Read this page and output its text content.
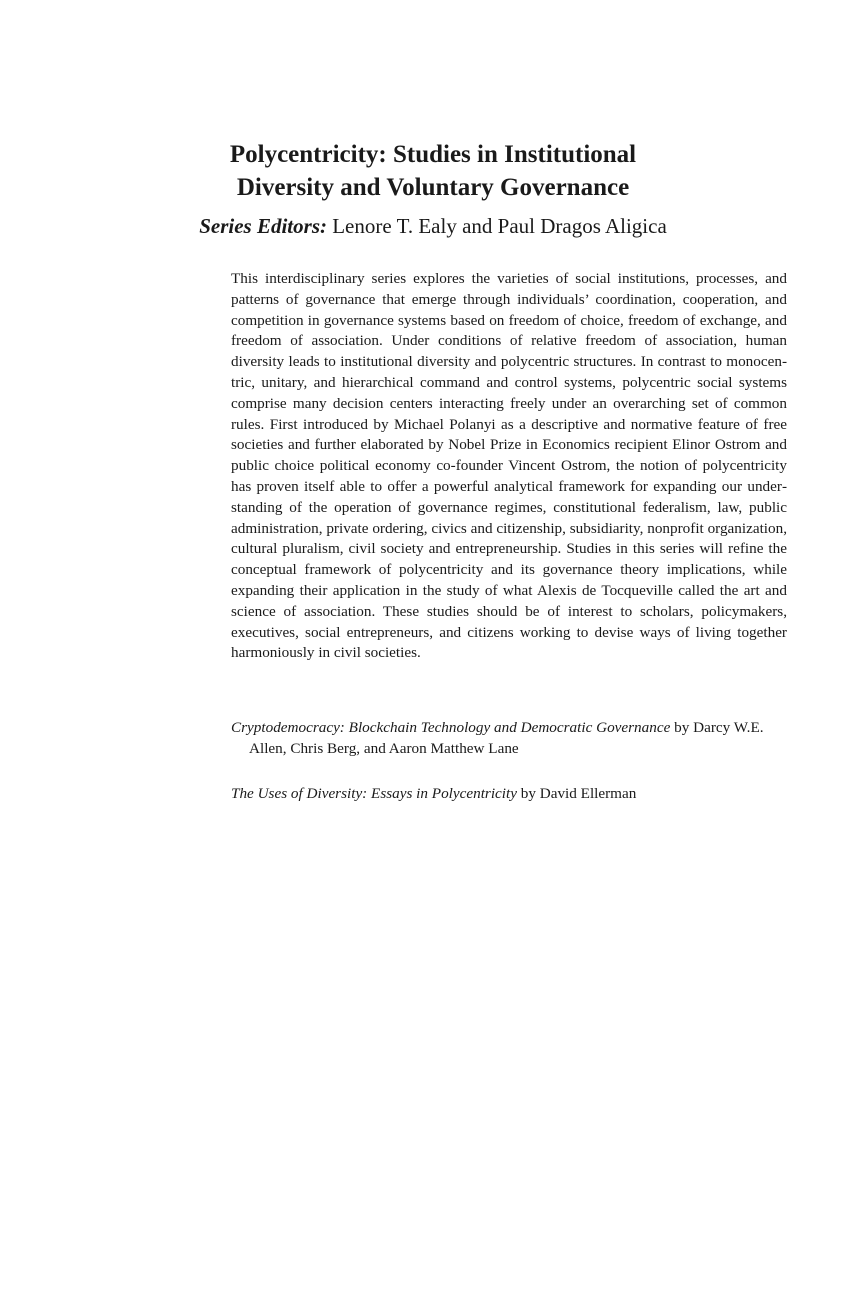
Polycentricity: Studies in Institutional
Diversity and Voluntary Governance

Series Editors: Lenore T. Ealy and Paul Dragos Aligica

This interdisciplinary series explores the varieties of social institutions, processes, and patterns of governance that emerge through individuals’ coordination, cooperation, and competition in governance systems based on freedom of choice, freedom of exchange, and freedom of association. Under conditions of relative freedom of association, human diversity leads to institutional diversity and polycentric structures. In contrast to monocentric, unitary, and hierarchical command and control systems, polycentric social systems comprise many decision centers interacting freely under an overarching set of common rules. First introduced by Michael Polanyi as a descriptive and normative feature of free societies and further elaborated by Nobel Prize in Economics recipient Elinor Ostrom and public choice political economy co-founder Vincent Ostrom, the notion of polycentricity has proven itself able to offer a powerful analytical framework for expanding our understanding of the operation of governance regimes, constitutional federalism, law, public administration, private ordering, civics and citizenship, subsidiarity, nonprofit organization, cultural pluralism, civil society and entrepreneurship. Studies in this series will refine the conceptual framework of polycentricity and its governance theory implications, while expanding their application in the study of what Alexis de Tocqueville called the art and science of association. These studies should be of interest to scholars, policymakers, executives, social entrepreneurs, and citizens working to devise ways of living together harmoniously in civil societies.

Cryptodemocracy: Blockchain Technology and Democratic Governance by Darcy W.E. Allen, Chris Berg, and Aaron Matthew Lane
The Uses of Diversity: Essays in Polycentricity by David Ellerman
